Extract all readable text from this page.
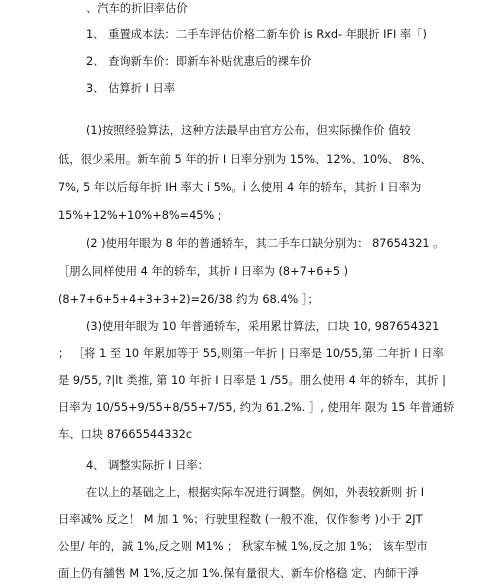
、汽车的折旧率估价
1、 重置成本法：二手车评估价格二新车价 is Rxd- 年眼折 IFI 率「)
2、 查询新车价：即新车补贴优惠后的裸车价
3、 估算折 I 日率
(1)按照经验算法，这种方法最早由官方公布，但实际操作价 值较
低，很少采用。新车前 5 年的折 I 日率分别为 15%、12%、10%、 8%、
7%, 5 年以后每年折 IH 率大 i 5%。i 么使用 4 年的轿车，其折 I 日率为
15%+12%+10%+8%=45% ;
(2 )使用年眼为 8 年的普通轿车，其二手车口缺分别为： 87654321 。
［朋么同样使用 4 年的轿车，其折 I 日率为 (8+7+6+5 )
(8+7+6+5+4+3+3+2)=26/38 约为 68.4% ］；
(3)使用年眼为 10 年普通轿车，采用累廿算法，口块 10, 987654321
； ［将 1 至 10 年累加等于 55,则第一年折 | 日率是 10/55,第 二年折 I 日率
是 9/55, ?|lt 类推, 第 10 年折 I 日率是 1 /55。朋么使用 4 年的轿车，其折 |
日率为 10/55+9/55+8/55+7/55, 约为 61.2%. ］, 使用年 限为 15 年普通轿
车、口块 87665544332c
4、 调整实际折 I 日率：
在以上的基础之上，根据实际车况进行调整。例如，外表较新则 折 I
日率减% 反之！ M 加 1 %；行驶里程数 (一般不准，仅作参考 )小于 2JT
公里/ 年的，誠 1%,反之则 M1% ； 秋家车械 1%,反之加 1%； 该车型市
面上仍有舖售 M 1%,反之加 1%.保有量很大、新车价格稳 定、内師干淨
